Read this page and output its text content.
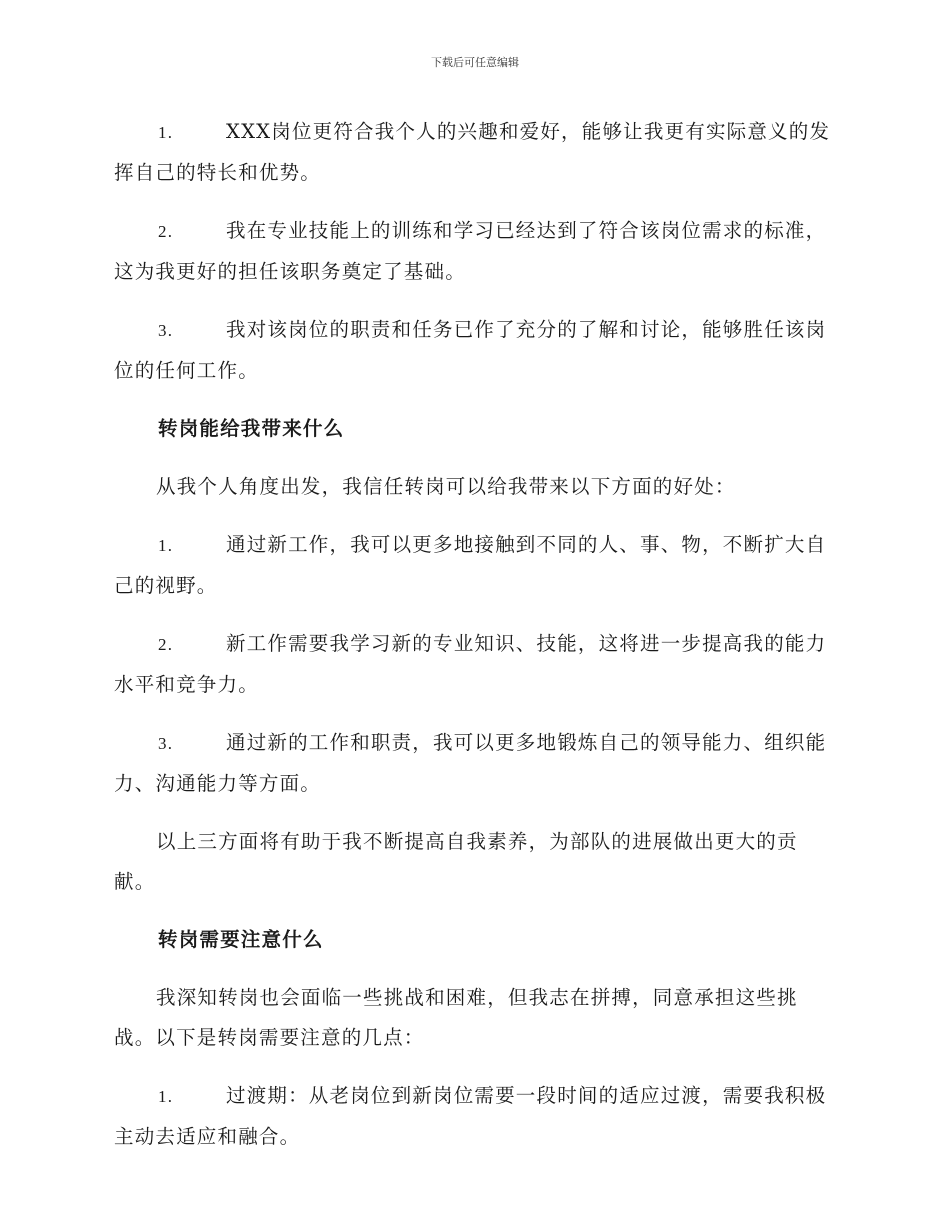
下载后可任意编辑

1.	XXX岗位更符合我个人的兴趣和爱好，能够让我更有实际意义的发挥自己的特长和优势。

2.	我在专业技能上的训练和学习已经达到了符合该岗位需求的标准，这为我更好的担任该职务奠定了基础。

3.	我对该岗位的职责和任务已作了充分的了解和讨论，能够胜任该岗位的任何工作。

转岗能给我带来什么

从我个人角度出发，我信任转岗可以给我带来以下方面的好处：

1.	通过新工作，我可以更多地接触到不同的人、事、物，不断扩大自己的视野。

2.	新工作需要我学习新的专业知识、技能，这将进一步提高我的能力水平和竞争力。

3.	通过新的工作和职责，我可以更多地锻炼自己的领导能力、组织能力、沟通能力等方面。

以上三方面将有助于我不断提高自我素养，为部队的进展做出更大的贡献。

转岗需要注意什么

我深知转岗也会面临一些挑战和困难，但我志在拼搏，同意承担这些挑战。以下是转岗需要注意的几点：

1.	过渡期：从老岗位到新岗位需要一段时间的适应过渡，需要我积极主动去适应和融合。
